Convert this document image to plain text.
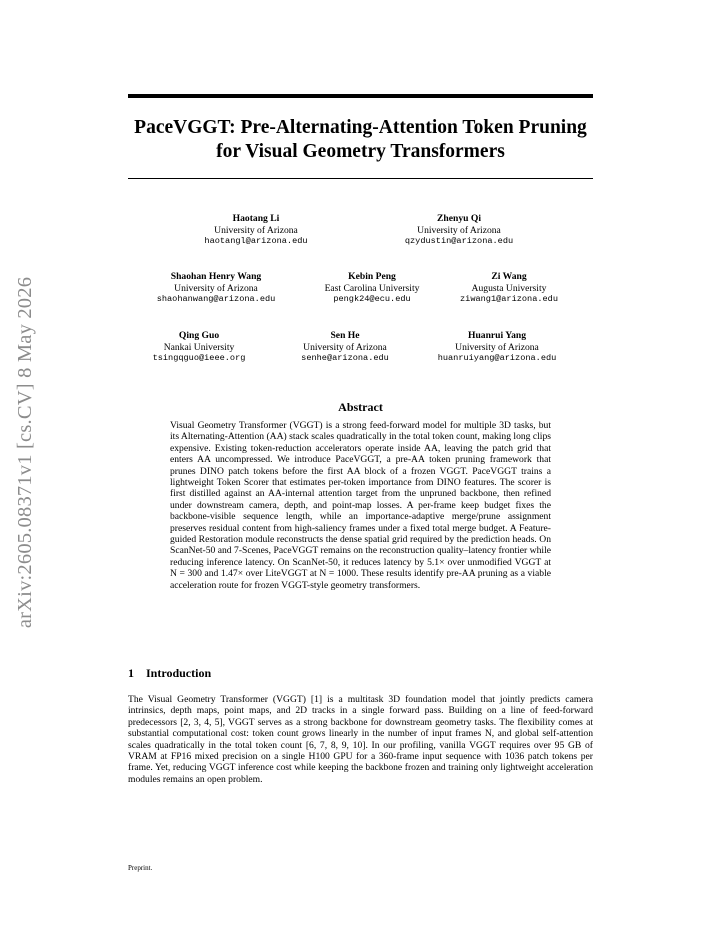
arXiv:2605.08371v1 [cs.CV] 8 May 2026
PaceVGGT: Pre-Alternating-Attention Token Pruning
for Visual Geometry Transformers
Haotang Li
University of Arizona
haotangl@arizona.edu
Zhenyu Qi
University of Arizona
qzydustin@arizona.edu
Shaohan Henry Wang
University of Arizona
shaohanwang@arizona.edu
Kebin Peng
East Carolina University
pengk24@ecu.edu
Zi Wang
Augusta University
ziwang1@arizona.edu
Qing Guo
Nankai University
tsingqguo@ieee.org
Sen He
University of Arizona
senhe@arizona.edu
Huanrui Yang
University of Arizona
huanruiyang@arizona.edu
Abstract

Visual Geometry Transformer (VGGT) is a strong feed-forward model for multiple 3D tasks, but its Alternating-Attention (AA) stack scales quadratically in the total token count, making long clips expensive. Existing token-reduction accelerators operate inside AA, leaving the patch grid that enters AA uncompressed. We introduce PaceVGGT, a pre-AA token pruning framework that prunes DINO patch tokens before the first AA block of a frozen VGGT. PaceVGGT trains a lightweight Token Scorer that estimates per-token importance from DINO features. The scorer is first distilled against an AA-internal attention target from the unpruned backbone, then refined under downstream camera, depth, and point-map losses. A per-frame keep budget fixes the backbone-visible sequence length, while an importance-adaptive merge/prune assignment preserves residual content from high-saliency frames under a fixed total merge budget. A Feature-guided Restoration module reconstructs the dense spatial grid required by the prediction heads. On ScanNet-50 and 7-Scenes, PaceVGGT remains on the reconstruction quality–latency frontier while reducing inference latency. On ScanNet-50, it reduces latency by 5.1× over unmodified VGGT at N = 300 and 1.47× over LiteVGGT at N = 1000. These results identify pre-AA pruning as a viable acceleration route for frozen VGGT-style geometry transformers.

1 Introduction

The Visual Geometry Transformer (VGGT) [1] is a multitask 3D foundation model that jointly predicts camera intrinsics, depth maps, point maps, and 2D tracks in a single forward pass. Building on a line of feed-forward predecessors [2, 3, 4, 5], VGGT serves as a strong backbone for downstream geometry tasks. The flexibility comes at substantial computational cost: token count grows linearly in the number of input frames N, and global self-attention scales quadratically in the total token count [6, 7, 8, 9, 10]. In our profiling, vanilla VGGT requires over 95 GB of VRAM at FP16 mixed precision on a single H100 GPU for a 360-frame input sequence with 1036 patch tokens per frame. Yet, reducing VGGT inference cost while keeping the backbone frozen and training only lightweight acceleration modules remains an open problem.

Preprint.
